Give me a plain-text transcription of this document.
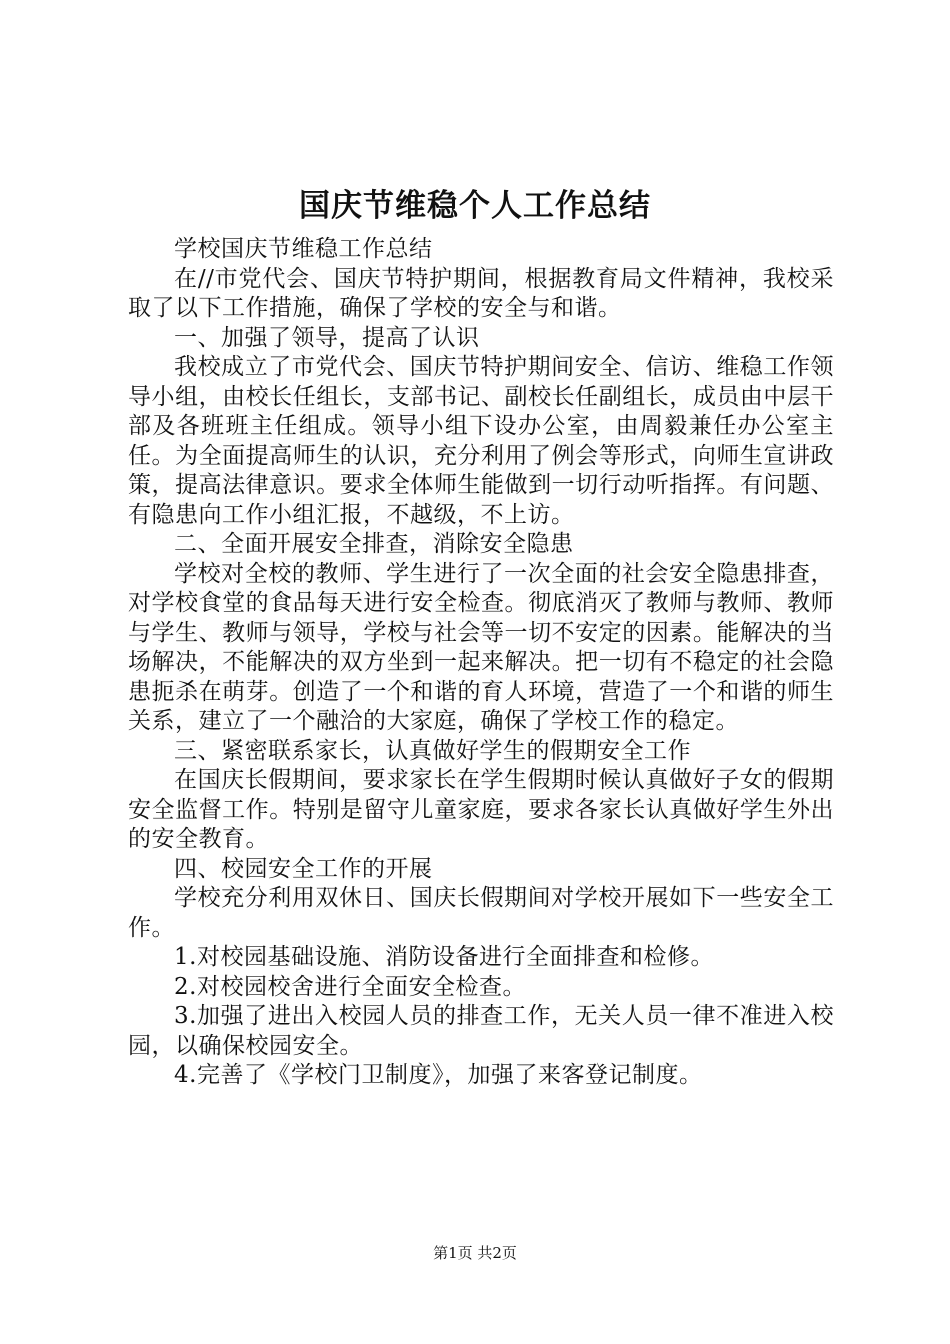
国庆节维稳个人工作总结

学校国庆节维稳工作总结

在//市党代会、国庆节特护期间，根据教育局文件精神，我校采取了以下工作措施，确保了学校的安全与和谐。

一、加强了领导，提高了认识

我校成立了市党代会、国庆节特护期间安全、信访、维稳工作领导小组，由校长任组长，支部书记、副校长任副组长，成员由中层干部及各班班主任组成。领导小组下设办公室，由周毅兼任办公室主任。为全面提高师生的认识，充分利用了例会等形式，向师生宣讲政策，提高法律意识。要求全体师生能做到一切行动听指挥。有问题、有隐患向工作小组汇报，不越级，不上访。

二、全面开展安全排查，消除安全隐患

学校对全校的教师、学生进行了一次全面的社会安全隐患排查，对学校食堂的食品每天进行安全检查。彻底消灭了教师与教师、教师与学生、教师与领导，学校与社会等一切不安定的因素。能解决的当场解决，不能解决的双方坐到一起来解决。把一切有不稳定的社会隐患扼杀在萌芽。创造了一个和谐的育人环境，营造了一个和谐的师生关系，建立了一个融洽的大家庭，确保了学校工作的稳定。

三、紧密联系家长，认真做好学生的假期安全工作

在国庆长假期间，要求家长在学生假期时候认真做好子女的假期安全监督工作。特别是留守儿童家庭，要求各家长认真做好学生外出的安全教育。

四、校园安全工作的开展

学校充分利用双休日、国庆长假期间对学校开展如下一些安全工作。

1.对校园基础设施、消防设备进行全面排查和检修。

2.对校园校舍进行全面安全检查。

3.加强了进出入校园人员的排查工作，无关人员一律不准进入校园，以确保校园安全。

4.完善了《学校门卫制度》，加强了来客登记制度。

第1页 共2页
